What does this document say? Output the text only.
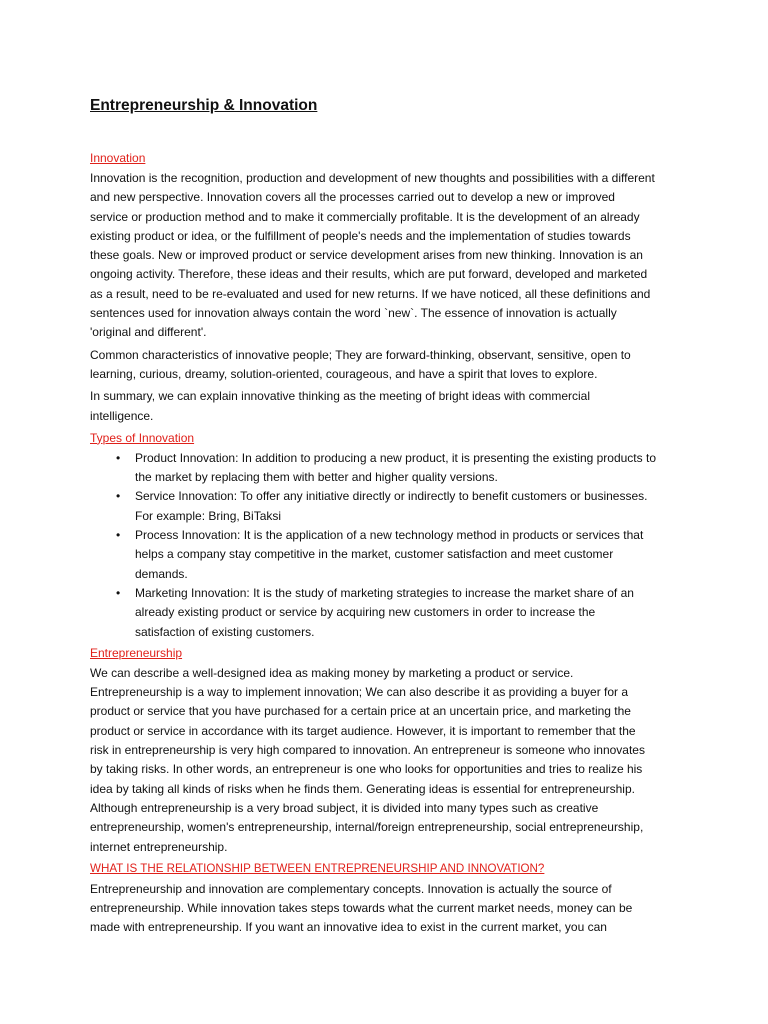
Entrepreneurship & Innovation
Innovation

Innovation is the recognition, production and development of new thoughts and possibilities with a different and new perspective. Innovation covers all the processes carried out to develop a new or improved service or production method and to make it commercially profitable. It is the development of an already existing product or idea, or the fulfillment of people's needs and the implementation of studies towards these goals. New or improved product or service development arises from new thinking. Innovation is an ongoing activity. Therefore, these ideas and their results, which are put forward, developed and marketed as a result, need to be re-evaluated and used for new returns. If we have noticed, all these definitions and sentences used for innovation always contain the word `new`. The essence of innovation is actually 'original and different'.

Common characteristics of innovative people; They are forward-thinking, observant, sensitive, open to learning, curious, dreamy, solution-oriented, courageous, and have a spirit that loves to explore.

In summary, we can explain innovative thinking as the meeting of bright ideas with commercial intelligence.

Types of Innovation
• Product Innovation: In addition to producing a new product, it is presenting the existing products to the market by replacing them with better and higher quality versions.
• Service Innovation: To offer any initiative directly or indirectly to benefit customers or businesses. For example: Bring, BiTaksi
• Process Innovation: It is the application of a new technology method in products or services that helps a company stay competitive in the market, customer satisfaction and meet customer demands.
• Marketing Innovation: It is the study of marketing strategies to increase the market share of an already existing product or service by acquiring new customers in order to increase the satisfaction of existing customers.
Entrepreneurship

We can describe a well-designed idea as making money by marketing a product or service. Entrepreneurship is a way to implement innovation; We can also describe it as providing a buyer for a product or service that you have purchased for a certain price at an uncertain price, and marketing the product or service in accordance with its target audience. However, it is important to remember that the risk in entrepreneurship is very high compared to innovation. An entrepreneur is someone who innovates by taking risks. In other words, an entrepreneur is one who looks for opportunities and tries to realize his idea by taking all kinds of risks when he finds them. Generating ideas is essential for entrepreneurship. Although entrepreneurship is a very broad subject, it is divided into many types such as creative entrepreneurship, women's entrepreneurship, internal/foreign entrepreneurship, social entrepreneurship, internet entrepreneurship.

WHAT IS THE RELATIONSHIP BETWEEN ENTREPRENEURSHIP AND INNOVATION?

Entrepreneurship and innovation are complementary concepts. Innovation is actually the source of entrepreneurship. While innovation takes steps towards what the current market needs, money can be made with entrepreneurship. If you want an innovative idea to exist in the current market, you can
